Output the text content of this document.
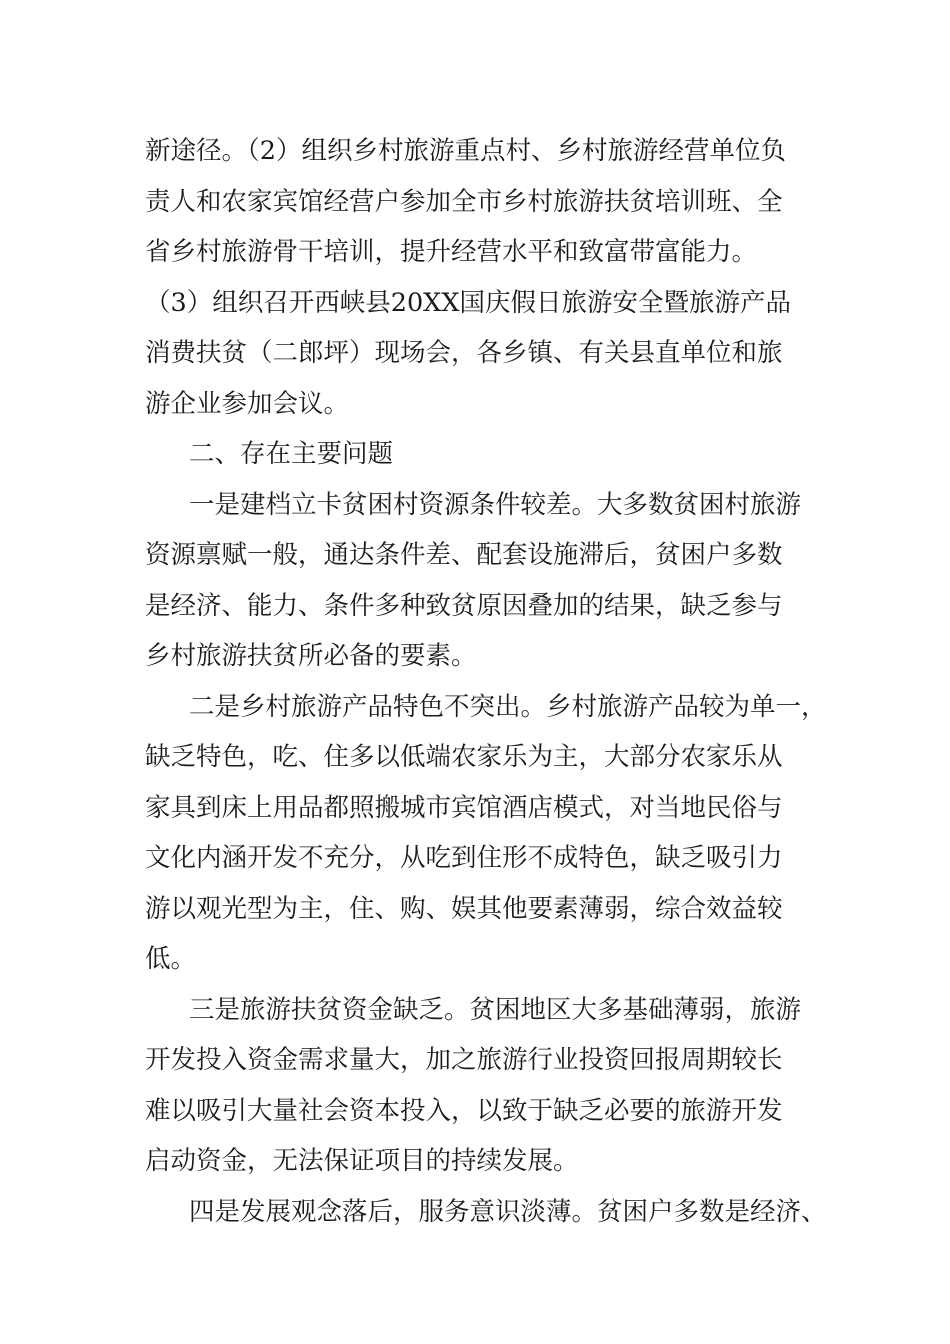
新途径。（2）组织乡村旅游重点村、乡村旅游经营单位负
责人和农家宾馆经营户参加全市乡村旅游扶贫培训班、全
省乡村旅游骨干培训，提升经营水平和致富带富能力。
（3）组织召开西峡县20XX国庆假日旅游安全暨旅游产品
消费扶贫（二郎坪）现场会，各乡镇、有关县直单位和旅
游企业参加会议。
二、存在主要问题
一是建档立卡贫困村资源条件较差。大多数贫困村旅游
资源禀赋一般，通达条件差、配套设施滞后，贫困户多数
是经济、能力、条件多种致贫原因叠加的结果，缺乏参与
乡村旅游扶贫所必备的要素。
二是乡村旅游产品特色不突出。乡村旅游产品较为单一，
缺乏特色，吃、住多以低端农家乐为主，大部分农家乐从
家具到床上用品都照搬城市宾馆酒店模式，对当地民俗与
文化内涵开发不充分，从吃到住形不成特色，缺乏吸引力
游以观光型为主，住、购、娱其他要素薄弱，综合效益较
低。
三是旅游扶贫资金缺乏。贫困地区大多基础薄弱，旅游
开发投入资金需求量大，加之旅游行业投资回报周期较长
难以吸引大量社会资本投入，以致于缺乏必要的旅游开发
启动资金，无法保证项目的持续发展。
四是发展观念落后，服务意识淡薄。贫困户多数是经济、
